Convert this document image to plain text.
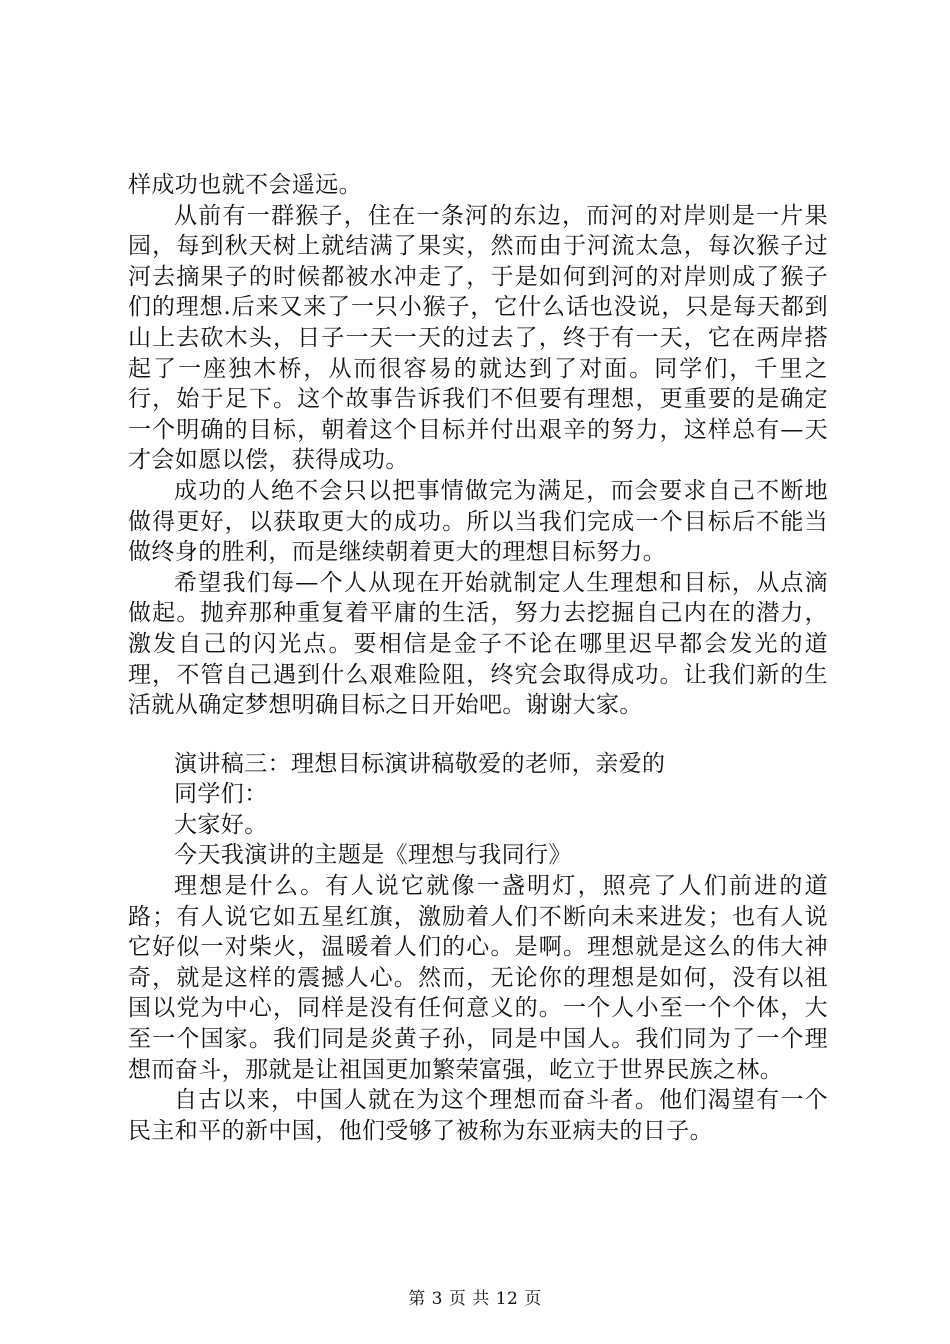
样成功也就不会遥远。

从前有一群猴子，住在一条河的东边，而河的对岸则是一片果园，每到秋天树上就结满了果实，然而由于河流太急，每次猴子过河去摘果子的时候都被水冲走了，于是如何到河的对岸则成了猴子们的理想.后来又来了一只小猴子，它什么话也没说，只是每天都到山上去砍木头，日子一天一天的过去了，终于有一天，它在两岸搭起了一座独木桥，从而很容易的就达到了对面。同学们，千里之行，始于足下。这个故事告诉我们不但要有理想，更重要的是确定一个明确的目标，朝着这个目标并付出艰辛的努力，这样总有—天才会如愿以偿，获得成功。

成功的人绝不会只以把事情做完为满足，而会要求自己不断地做得更好，以获取更大的成功。所以当我们完成一个目标后不能当做终身的胜利，而是继续朝着更大的理想目标努力。

希望我们每—个人从现在开始就制定人生理想和目标，从点滴做起。抛弃那种重复着平庸的生活，努力去挖掘自己内在的潜力，激发自己的闪光点。要相信是金子不论在哪里迟早都会发光的道理，不管自己遇到什么艰难险阻，终究会取得成功。让我们新的生活就从确定梦想明确目标之日开始吧。谢谢大家。

演讲稿三：理想目标演讲稿敬爱的老师，亲爱的

同学们：

大家好。

今天我演讲的主题是《理想与我同行》

理想是什么。有人说它就像一盏明灯，照亮了人们前进的道路；有人说它如五星红旗，激励着人们不断向未来进发；也有人说它好似一对柴火，温暖着人们的心。是啊。理想就是这么的伟大神奇，就是这样的震撼人心。然而，无论你的理想是如何，没有以祖国以党为中心，同样是没有任何意义的。一个人小至一个个体，大至一个国家。我们同是炎黄子孙，同是中国人。我们同为了一个理想而奋斗，那就是让祖国更加繁荣富强，屹立于世界民族之林。

自古以来，中国人就在为这个理想而奋斗者。他们渴望有一个民主和平的新中国，他们受够了被称为东亚病夫的日子。

第 3 页 共 12 页
